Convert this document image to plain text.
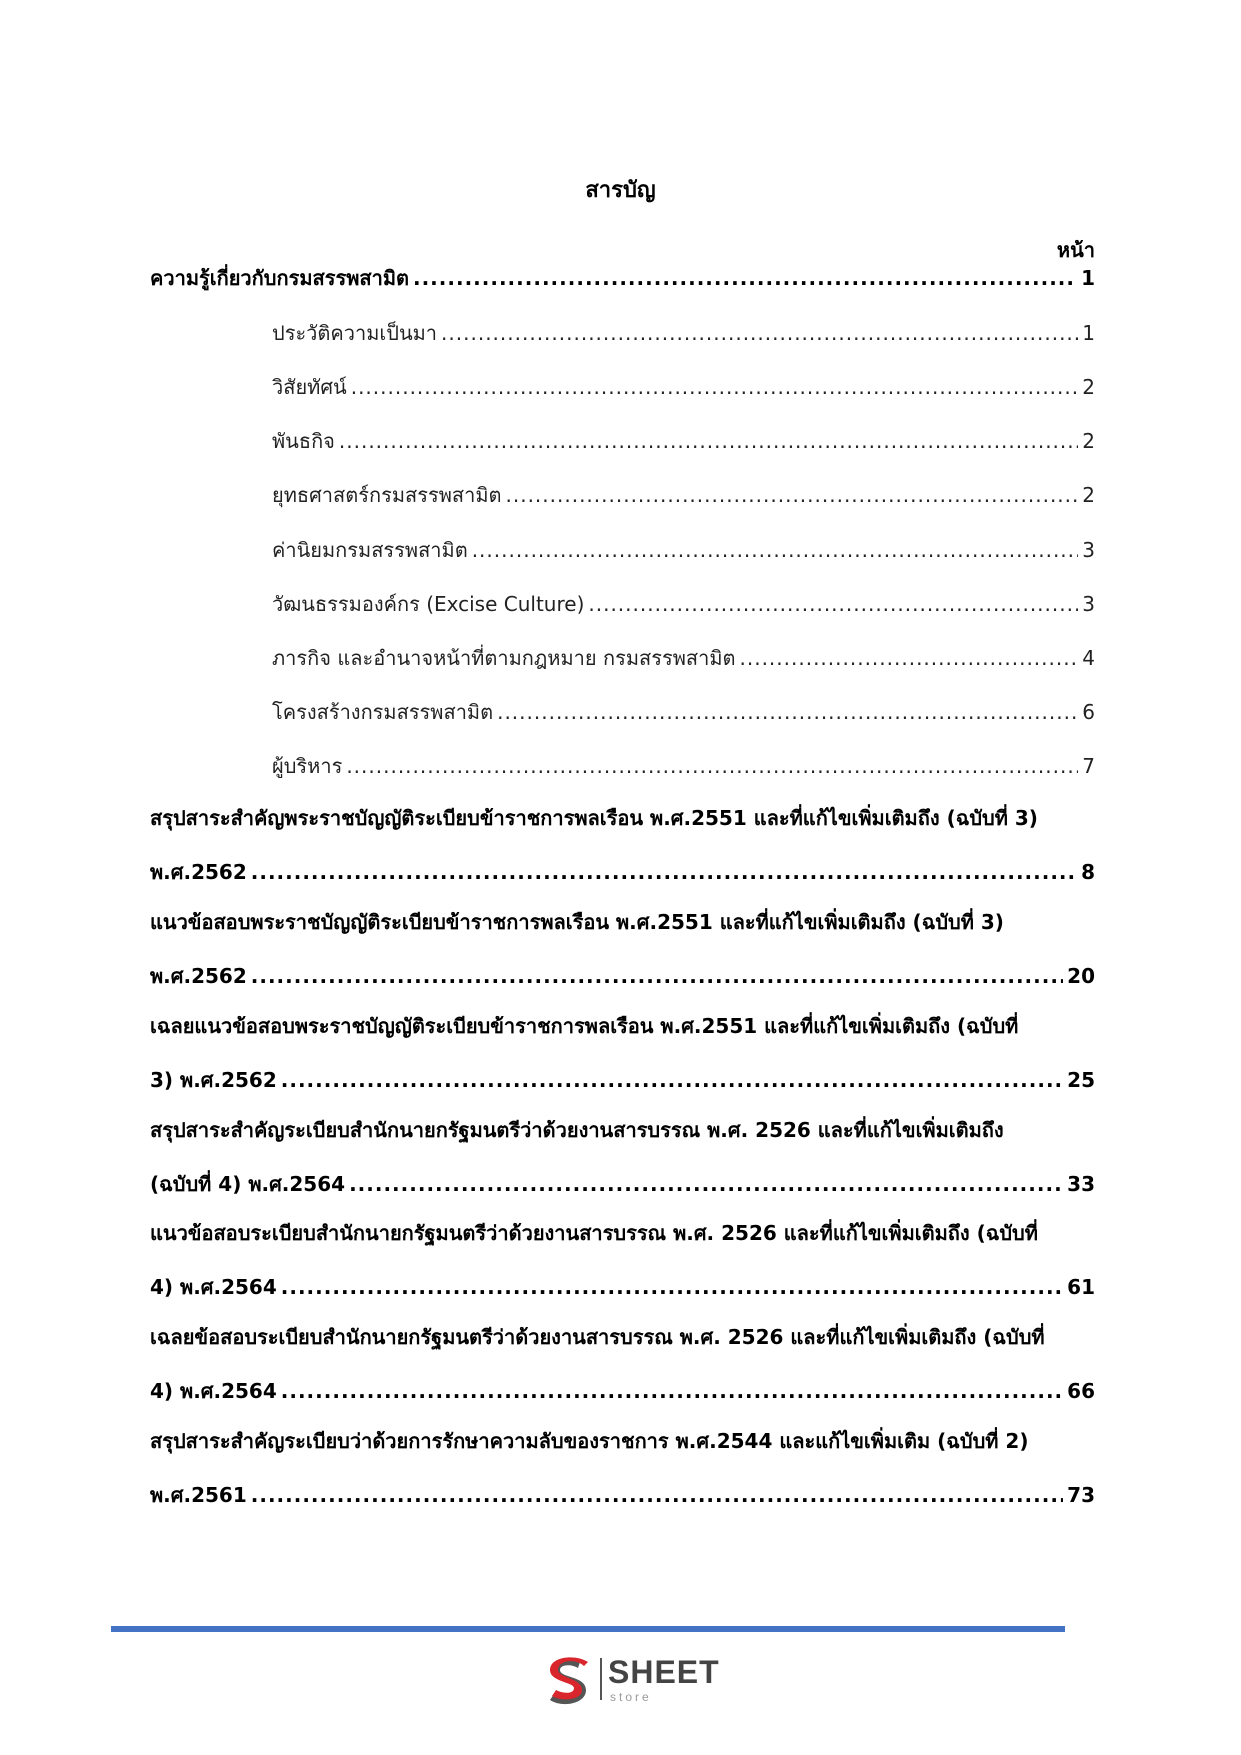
สารบัญ
หน้า
ความรู้เกี่ยวกับกรมสรรพสามิต .....	1
ประวัติความเป็นมา .....	1
วิสัยทัศน์ .....	2
พันธกิจ .....	2
ยุทธศาสตร์กรมสรรพสามิต .....	2
ค่านิยมกรมสรรพสามิต .....	3
วัฒนธรรมองค์กร (Excise Culture) .....	3
ภารกิจ และอำนาจหน้าที่ตามกฎหมาย กรมสรรพสามิต .....	4
โครงสร้างกรมสรรพสามิต .....	6
ผู้บริหาร .....	7
สรุปสาระสำคัญพระราชบัญญัติระเบียบข้าราชการพลเรือน พ.ศ.2551 และที่แก้ไขเพิ่มเติมถึง (ฉบับที่ 3)
พ.ศ.2562 .....	8
แนวข้อสอบพระราชบัญญัติระเบียบข้าราชการพลเรือน พ.ศ.2551 และที่แก้ไขเพิ่มเติมถึง (ฉบับที่ 3)
พ.ศ.2562 .....	20
เฉลยแนวข้อสอบพระราชบัญญัติระเบียบข้าราชการพลเรือน พ.ศ.2551 และที่แก้ไขเพิ่มเติมถึง (ฉบับที่
3) พ.ศ.2562 .....	25
สรุปสาระสำคัญระเบียบสำนักนายกรัฐมนตรีว่าด้วยงานสารบรรณ พ.ศ. 2526 และที่แก้ไขเพิ่มเติมถึง
(ฉบับที่ 4) พ.ศ.2564 .....	33
แนวข้อสอบระเบียบสำนักนายกรัฐมนตรีว่าด้วยงานสารบรรณ พ.ศ. 2526 และที่แก้ไขเพิ่มเติมถึง (ฉบับที่
4) พ.ศ.2564 .....	61
เฉลยข้อสอบระเบียบสำนักนายกรัฐมนตรีว่าด้วยงานสารบรรณ พ.ศ. 2526 และที่แก้ไขเพิ่มเติมถึง (ฉบับที่
4) พ.ศ.2564 .....	66
สรุปสาระสำคัญระเบียบว่าด้วยการรักษาความลับของราชการ พ.ศ.2544 และแก้ไขเพิ่มเติม (ฉบับที่ 2)
พ.ศ.2561 .....	73
SHEET
store
